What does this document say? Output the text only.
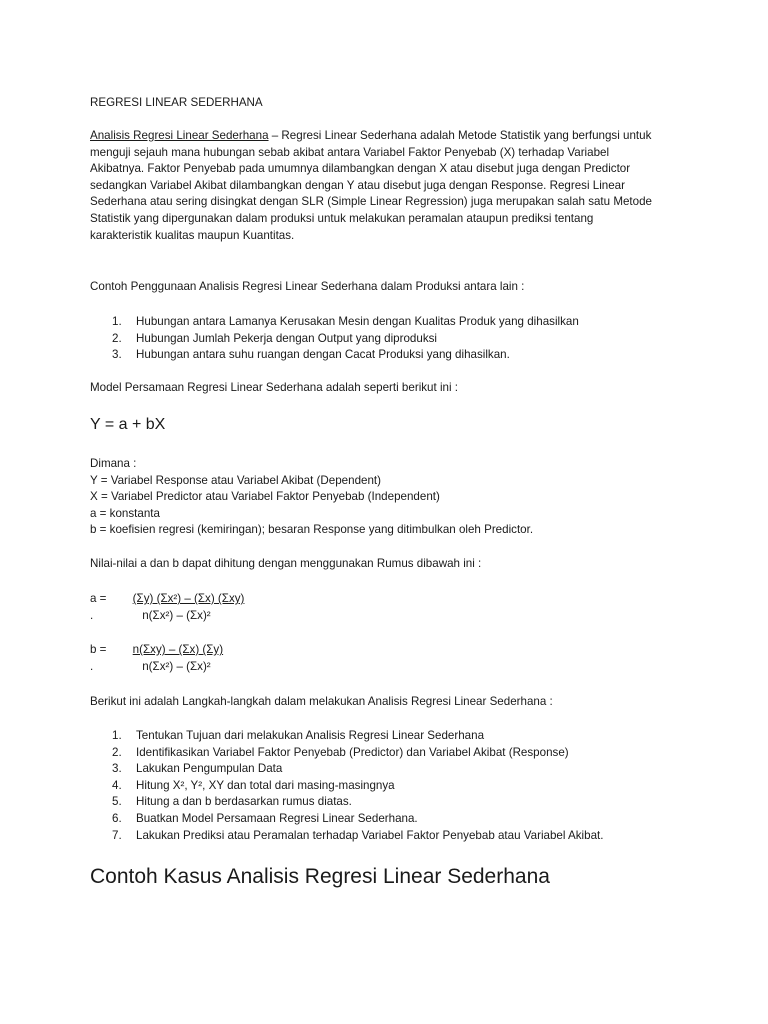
REGRESI LINEAR SEDERHANA
Analisis Regresi Linear Sederhana – Regresi Linear Sederhana adalah Metode Statistik yang berfungsi untuk
menguji sejauh mana hubungan sebab akibat antara Variabel Faktor Penyebab (X) terhadap Variabel
Akibatnya. Faktor Penyebab pada umumnya dilambangkan dengan X atau disebut juga dengan Predictor
sedangkan Variabel Akibat dilambangkan dengan Y atau disebut juga dengan Response. Regresi Linear
Sederhana atau sering disingkat dengan SLR (Simple Linear Regression) juga merupakan salah satu Metode
Statistik yang dipergunakan dalam produksi untuk melakukan peramalan ataupun prediksi tentang
karakteristik kualitas maupun Kuantitas.
Contoh Penggunaan Analisis Regresi Linear Sederhana dalam Produksi antara lain :
1. Hubungan antara Lamanya Kerusakan Mesin dengan Kualitas Produk yang dihasilkan
2. Hubungan Jumlah Pekerja dengan Output yang diproduksi
3. Hubungan antara suhu ruangan dengan Cacat Produksi yang dihasilkan.
Model Persamaan Regresi Linear Sederhana adalah seperti berikut ini :
Y = a + bX
Dimana :
Y = Variabel Response atau Variabel Akibat (Dependent)
X = Variabel Predictor atau Variabel Faktor Penyebab (Independent)
a = konstanta
b = koefisien regresi (kemiringan); besaran Response yang ditimbulkan oleh Predictor.
Nilai-nilai a dan b dapat dihitung dengan menggunakan Rumus dibawah ini :
a = (Σy) (Σx²) – (Σx) (Σxy)
.	n(Σx²) – (Σx)²
b = n(Σxy) – (Σx) (Σy)
.	n(Σx²) – (Σx)²
Berikut ini adalah Langkah-langkah dalam melakukan Analisis Regresi Linear Sederhana :
1. Tentukan Tujuan dari melakukan Analisis Regresi Linear Sederhana
2. Identifikasikan Variabel Faktor Penyebab (Predictor) dan Variabel Akibat (Response)
3. Lakukan Pengumpulan Data
4. Hitung X², Y², XY dan total dari masing-masingnya
5. Hitung a dan b berdasarkan rumus diatas.
6. Buatkan Model Persamaan Regresi Linear Sederhana.
7. Lakukan Prediksi atau Peramalan terhadap Variabel Faktor Penyebab atau Variabel Akibat.
Contoh Kasus Analisis Regresi Linear Sederhana
